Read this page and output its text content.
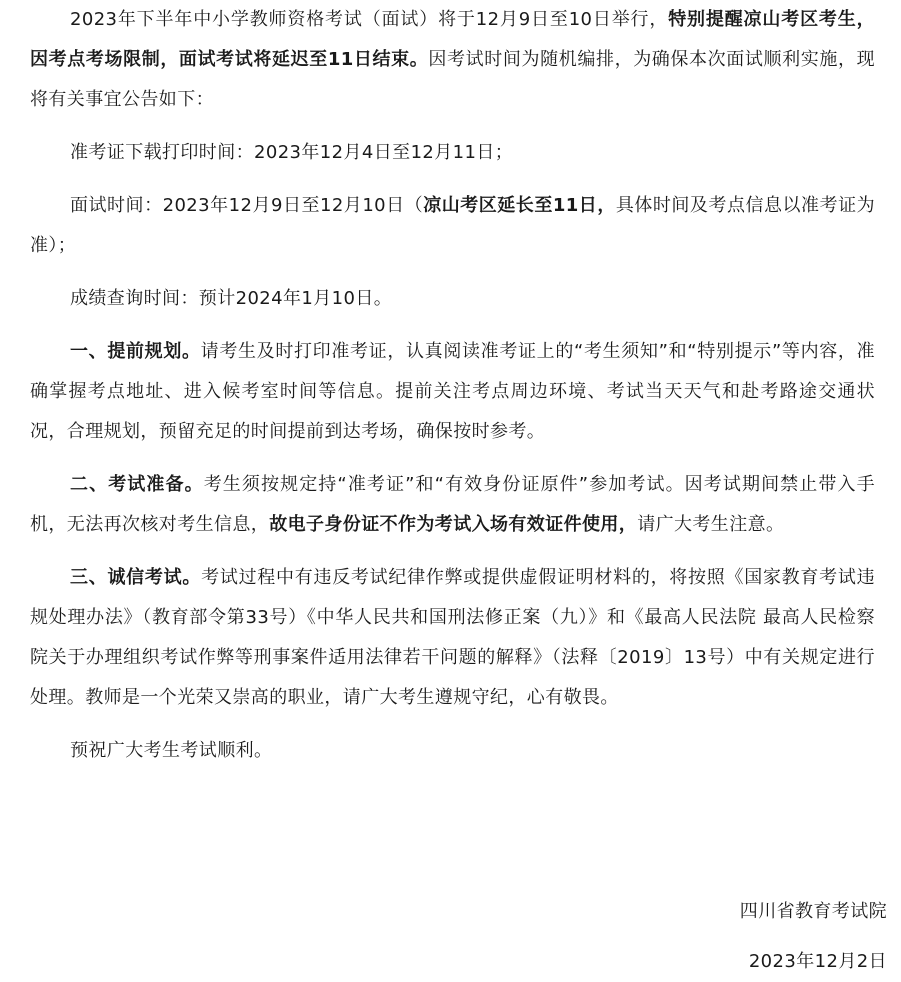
2023年下半年中小学教师资格考试（面试）将于12月9日至10日举行，特别提醒凉山考区考生，因考点考场限制，面试考试将延迟至11日结束。因考试时间为随机编排，为确保本次面试顺利实施，现将有关事宜公告如下：

准考证下载打印时间：2023年12月4日至12月11日；

面试时间：2023年12月9日至12月10日（凉山考区延长至11日，具体时间及考点信息以准考证为准）；

成绩查询时间：预计2024年1月10日。

一、提前规划。请考生及时打印准考证，认真阅读准考证上的“考生须知”和“特别提示”等内容，准确掌握考点地址、进入候考室时间等信息。提前关注考点周边环境、考试当天天气和赴考路途交通状况，合理规划，预留充足的时间提前到达考场，确保按时参考。

二、考试准备。考生须按规定持“准考证”和“有效身份证原件”参加考试。因考试期间禁止带入手机，无法再次核对考生信息，故电子身份证不作为考试入场有效证件使用，请广大考生注意。

三、诚信考试。考试过程中有违反考试纪律作弊或提供虚假证明材料的，将按照《国家教育考试违规处理办法》（教育部令第33号）《中华人民共和国刑法修正案（九）》和《最高人民法院 最高人民检察院关于办理组织考试作弊等刑事案件适用法律若干问题的解释》（法释〔2019〕13号）中有关规定进行处理。教师是一个光荣又崇高的职业，请广大考生遵规守纪，心有敬畏。

预祝广大考生考试顺利。

四川省教育考试院
2023年12月2日
